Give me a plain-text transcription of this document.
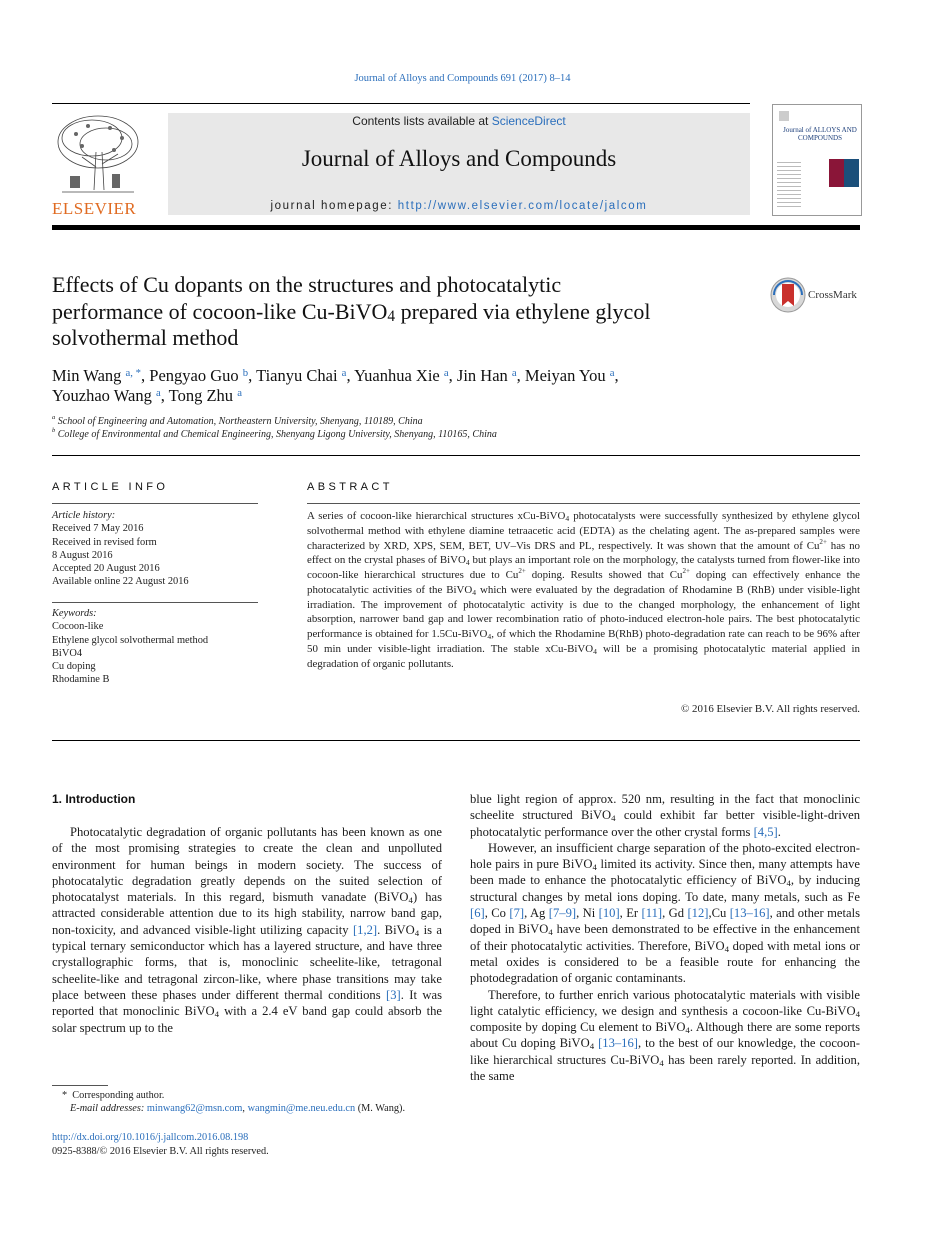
Journal of Alloys and Compounds 691 (2017) 8–14
ELSEVIER
Contents lists available at ScienceDirect
Journal of Alloys and Compounds
journal homepage: http://www.elsevier.com/locate/jalcom
Journal of ALLOYS AND COMPOUNDS
CrossMark
Effects of Cu dopants on the structures and photocatalytic
performance of cocoon-like Cu-BiVO$_4$ prepared via ethylene glycol
solvothermal method
Min Wang $^{a, *}$, Pengyao Guo $^b$, Tianyu Chai $^a$, Yuanhua Xie $^a$, Jin Han $^a$, Meiyan You $^a$,
Youzhao Wang $^a$, Tong Zhu $^a$
$^a$ School of Engineering and Automation, Northeastern University, Shenyang, 110189, China
$^b$ College of Environmental and Chemical Engineering, Shenyang Ligong University, Shenyang, 110165, China
ARTICLE INFO
Article history:
Received 7 May 2016
Received in revised form
8 August 2016
Accepted 20 August 2016
Available online 22 August 2016
Keywords:
Cocoon-like
Ethylene glycol solvothermal method
BiVO4
Cu doping
Rhodamine B
ABSTRACT
A series of cocoon-like hierarchical structures xCu-BiVO$_4$ photocatalysts were successfully synthesized by ethylene glycol solvothermal method with ethylene diamine tetraacetic acid (EDTA) as the chelating agent. The as-prepared samples were characterized by XRD, XPS, SEM, BET, UV–Vis DRS and PL, respectively. It was shown that the amount of $Cu^{2+}$ has no effect on the crystal phases of BiVO$_4$ but plays an important role on the morphology, the catalysts turned from flower-like into cocoon-like hierarchical structures due to $Cu^{2+}$ doping. Results showed that $Cu^{2+}$ doping can effectively enhance the photocatalytic activities of the BiVO$_4$ which were evaluated by the degradation of Rhodamine B (RhB) under visible-light irradiation. The improvement of photocatalytic activity is due to the changed morphology, the enhancement of light absorption, narrower band gap and lower recombination ratio of photo-induced electron-hole pairs. The best photocatalytic performance is obtained for 1.5Cu-BiVO$_4$, of which the Rhodamine B(RhB) photo-degradation rate can reach to be 96% after 50 min under visible-light irradiation. The stable xCu-BiVO$_4$ will be a promising photocatalytic material applied in degradation of organic pollutants.
© 2016 Elsevier B.V. All rights reserved.
1. Introduction

Photocatalytic degradation of organic pollutants has been known as one of the most promising strategies to create the clean and unpolluted environment for human beings in modern society. The success of photocatalytic degradation greatly depends on the suited selection of photocatalyst materials. In this regard, bismuth vanadate (BiVO$_4$) has attracted considerable attention due to its high stability, narrow band gap, non-toxicity, and advanced visible-light utilizing capacity [1,2]. BiVO$_4$ is a typical ternary semiconductor which has a layered structure, and have three crystallographic forms, that is, monoclinic scheelite-like, tetragonal scheelite-like and tetragonal zircon-like, where phase transitions may take place between these phases under different thermal conditions [3]. It was reported that monoclinic BiVO$_4$ with a 2.4 eV band gap could absorb the solar spectrum up to the

blue light region of approx. 520 nm, resulting in the fact that monoclinic scheelite structured BiVO$_4$ could exhibit far better visible-light-driven photocatalytic performance over the other crystal forms [4,5].

However, an insufficient charge separation of the photo-excited electron-hole pairs in pure BiVO$_4$ limited its activity. Since then, many attempts have been made to enhance the photocatalytic efficiency of BiVO$_4$, by inducing structural changes by metal ions doping. To date, many metals, such as Fe [6], Co [7], Ag [7–9], Ni [10], Er [11], Gd [12],Cu [13–16], and other metals doped in BiVO$_4$ have been demonstrated to be effective in the enhancement of their photocatalytic activities. Therefore, BiVO$_4$ doped with metal ions or metal oxides is considered to be a feasible route for enhancing the photodegradation of organic contaminants.

Therefore, to further enrich various photocatalytic materials with visible light catalytic efficiency, we design and synthesis a cocoon-like Cu-BiVO$_4$ composite by doping Cu element to BiVO$_4$. Although there are some reports about Cu doping BiVO$_4$ [13–16], to the best of our knowledge, the cocoon-like hierarchical structures Cu-BiVO$_4$ has been rarely reported. In addition, the same

*  Corresponding author.
E-mail addresses: minwang62@msn.com, wangmin@me.neu.edu.cn (M. Wang).
http://dx.doi.org/10.1016/j.jallcom.2016.08.198
0925-8388/© 2016 Elsevier B.V. All rights reserved.
